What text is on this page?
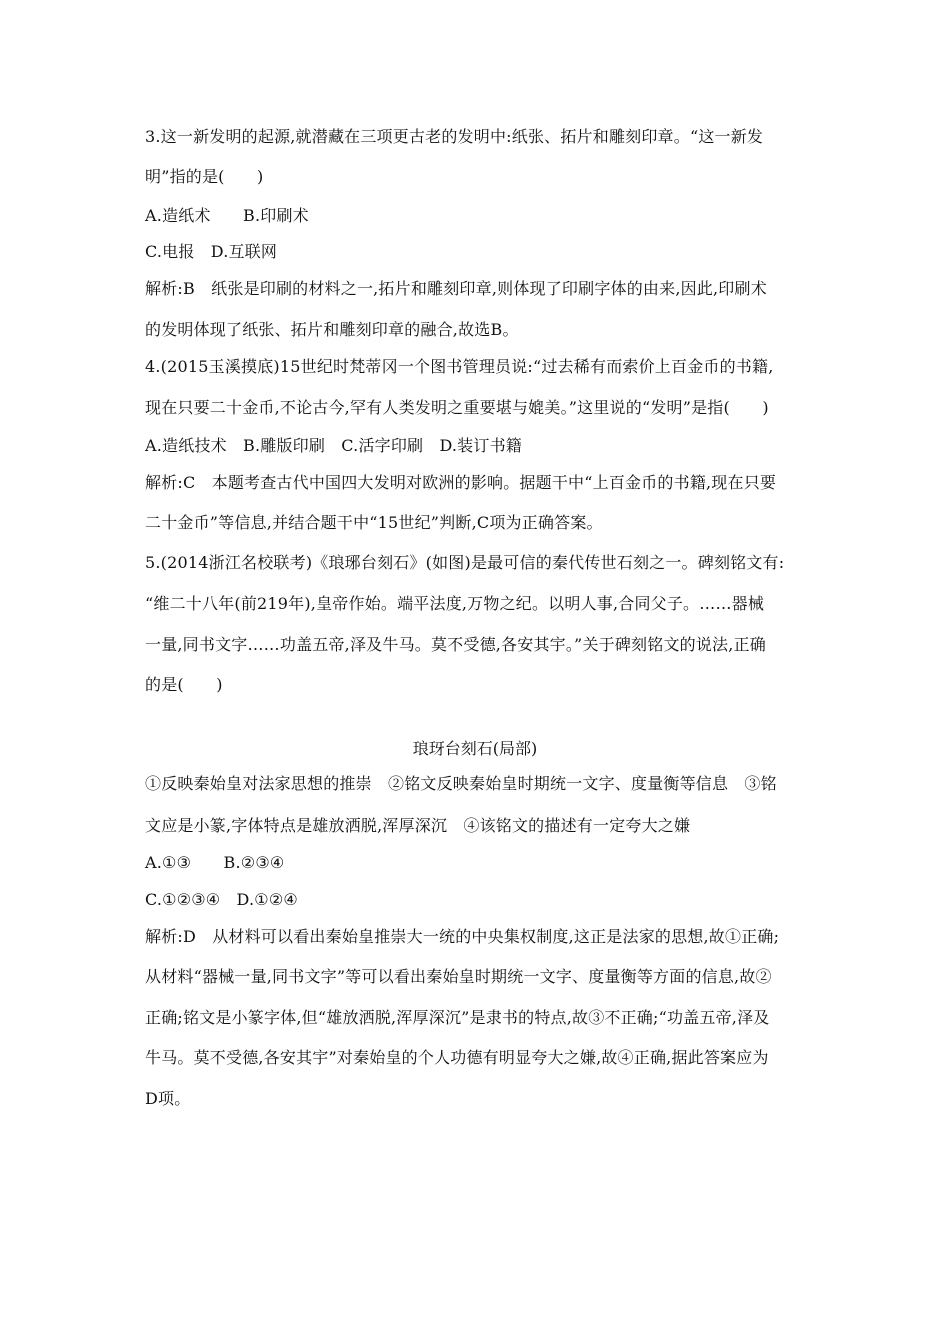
3.这一新发明的起源,就潜藏在三项更古老的发明中:纸张、拓片和雕刻印章。“这一新发
明”指的是(　　)
A.造纸术　　B.印刷术
C.电报　D.互联网
解析:B　纸张是印刷的材料之一,拓片和雕刻印章,则体现了印刷字体的由来,因此,印刷术
的发明体现了纸张、拓片和雕刻印章的融合,故选B。
4.(2015玉溪摸底)15世纪时梵蒂冈一个图书管理员说:“过去稀有而索价上百金币的书籍,
现在只要二十金币,不论古今,罕有人类发明之重要堪与媲美。”这里说的“发明”是指(　　)
A.造纸技术　B.雕版印刷　C.活字印刷　D.装订书籍
解析:C　本题考查古代中国四大发明对欧洲的影响。据题干中“上百金币的书籍,现在只要
二十金币”等信息,并结合题干中“15世纪”判断,C项为正确答案。
5.(2014浙江名校联考)《琅琊台刻石》(如图)是最可信的秦代传世石刻之一。碑刻铭文有:
“维二十八年(前219年),皇帝作始。端平法度,万物之纪。以明人事,合同父子。……器械
一量,同书文字……功盖五帝,泽及牛马。莫不受德,各安其宇。”关于碑刻铭文的说法,正确
的是(　　)
琅玡台刻石(局部)
①反映秦始皇对法家思想的推崇　②铭文反映秦始皇时期统一文字、度量衡等信息　③铭
文应是小篆,字体特点是雄放洒脱,浑厚深沉　④该铭文的描述有一定夸大之嫌
A.①③　　B.②③④
C.①②③④　D.①②④
解析:D　从材料可以看出秦始皇推崇大一统的中央集权制度,这正是法家的思想,故①正确;
从材料“器械一量,同书文字”等可以看出秦始皇时期统一文字、度量衡等方面的信息,故②
正确;铭文是小篆字体,但“雄放洒脱,浑厚深沉”是隶书的特点,故③不正确;“功盖五帝,泽及
牛马。莫不受德,各安其宇”对秦始皇的个人功德有明显夸大之嫌,故④正确,据此答案应为
D项。
